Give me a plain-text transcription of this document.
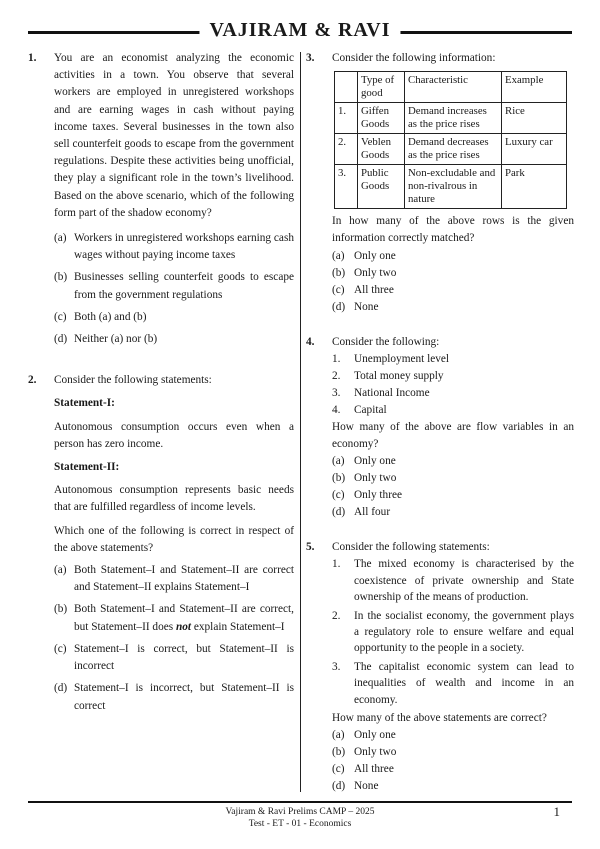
VAJIRAM & RAVI
1. You are an economist analyzing the economic activities in a town. You observe that several workers are employed in unregistered workshops and are earning wages in cash without paying income taxes. Several businesses in the town also sell counterfeit goods to escape from the government regulations. Despite these activities being unofficial, they play a significant role in the town’s livelihood. Based on the above scenario, which of the following form part of the shadow economy?
(a) Workers in unregistered workshops earning cash wages without paying income taxes
(b) Businesses selling counterfeit goods to escape from the government regulations
(c) Both (a) and (b)
(d) Neither (a) nor (b)
2. Consider the following statements:
Statement-I:
Autonomous consumption occurs even when a person has zero income.
Statement-II:
Autonomous consumption represents basic needs that are fulfilled regardless of income levels.
Which one of the following is correct in respect of the above statements?
(a) Both Statement–I and Statement–II are correct and Statement–II explains Statement–I
(b) Both Statement–I and Statement–II are correct, but Statement–II does not explain Statement–I
(c) Statement–I is correct, but Statement–II is incorrect
(d) Statement–I is incorrect, but Statement–II is correct
3. Consider the following information:
	Type of good	Characteristic	Example
1.	Giffen Goods	Demand increases as the price rises	Rice
2.	Veblen Goods	Demand decreases as the price rises	Luxury car
3.	Public Goods	Non-excludable and non-rivalrous in nature	Park
In how many of the above rows is the given information correctly matched?
(a) Only one
(b) Only two
(c) All three
(d) None
4. Consider the following:
1. Unemployment level
2. Total money supply
3. National Income
4. Capital
How many of the above are flow variables in an economy?
(a) Only one
(b) Only two
(c) Only three
(d) All four
5. Consider the following statements:
1. The mixed economy is characterised by the coexistence of private ownership and State ownership of the means of production.
2. In the socialist economy, the government plays a regulatory role to ensure welfare and equal opportunity to the people in a society.
3. The capitalist economic system can lead to inequalities of wealth and income in an economy.
How many of the above statements are correct?
(a) Only one
(b) Only two
(c) All three
(d) None
Vajiram & Ravi Prelims CAMP – 2025
Test - ET - 01 - Economics
1
